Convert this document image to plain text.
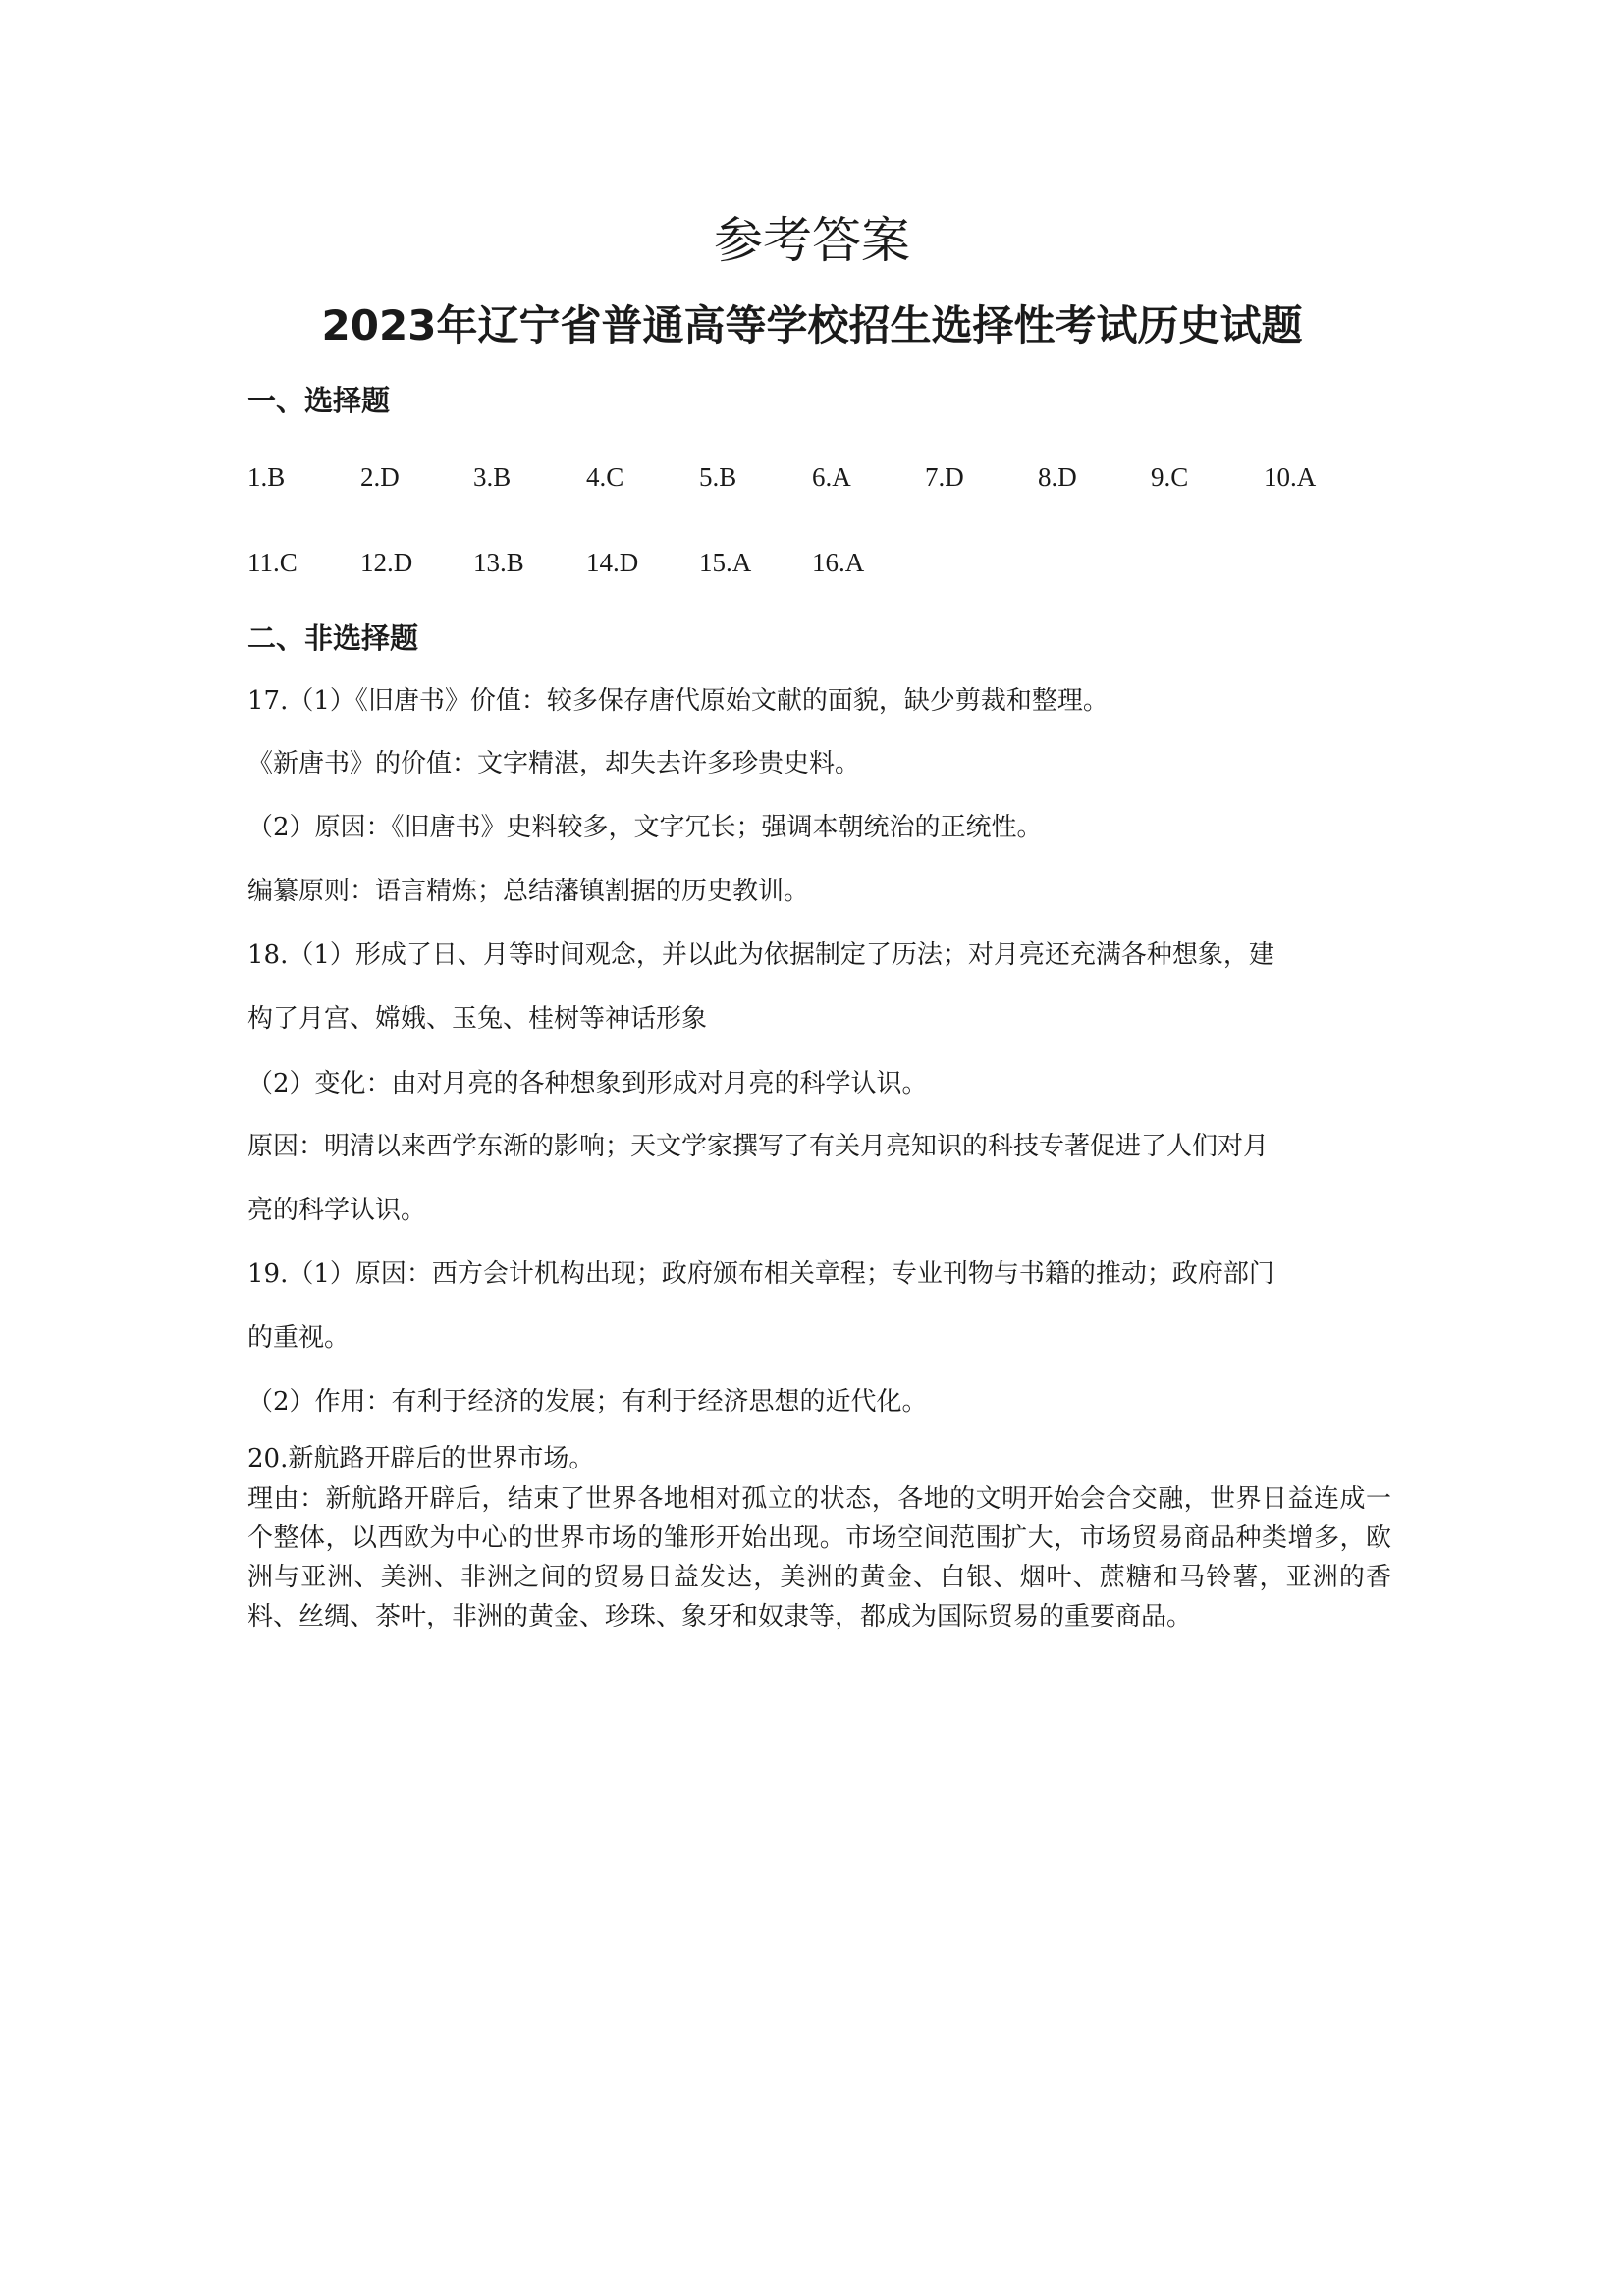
参考答案
2023年辽宁省普通高等学校招生选择性考试历史试题
一、选择题
1.B	2.D	3.B	4.C	5.B	6.A	7.D	8.D	9.C	10.A
11.C 12.D 13.B 14.D 15.A 16.A
二、非选择题
17.（1）《旧唐书》价值：较多保存唐代原始文献的面貌，缺少剪裁和整理。
《新唐书》的价值：文字精湛，却失去许多珍贵史料。
（2）原因：《旧唐书》史料较多，文字冗长；强调本朝统治的正统性。
编纂原则：语言精炼；总结藩镇割据的历史教训。
18.（1）形成了日、月等时间观念，并以此为依据制定了历法；对月亮还充满各种想象，建
构了月宫、嫦娥、玉兔、桂树等神话形象
（2）变化：由对月亮的各种想象到形成对月亮的科学认识。
原因：明清以来西学东渐的影响；天文学家撰写了有关月亮知识的科技专著促进了人们对月
亮的科学认识。
19.（1）原因：西方会计机构出现；政府颁布相关章程；专业刊物与书籍的推动；政府部门
的重视。
（2）作用：有利于经济的发展；有利于经济思想的近代化。
20.新航路开辟后的世界市场。
理由：新航路开辟后，结束了世界各地相对孤立的状态，各地的文明开始会合交融，世界日益连成一个整体，以西欧为中心的世界市场的雏形开始出现。市场空间范围扩大，市场贸易商品种类增多，欧洲与亚洲、美洲、非洲之间的贸易日益发达，美洲的黄金、白银、烟叶、蔗糖和马铃薯，亚洲的香料、丝绸、茶叶，非洲的黄金、珍珠、象牙和奴隶等，都成为国际贸易的重要商品。
